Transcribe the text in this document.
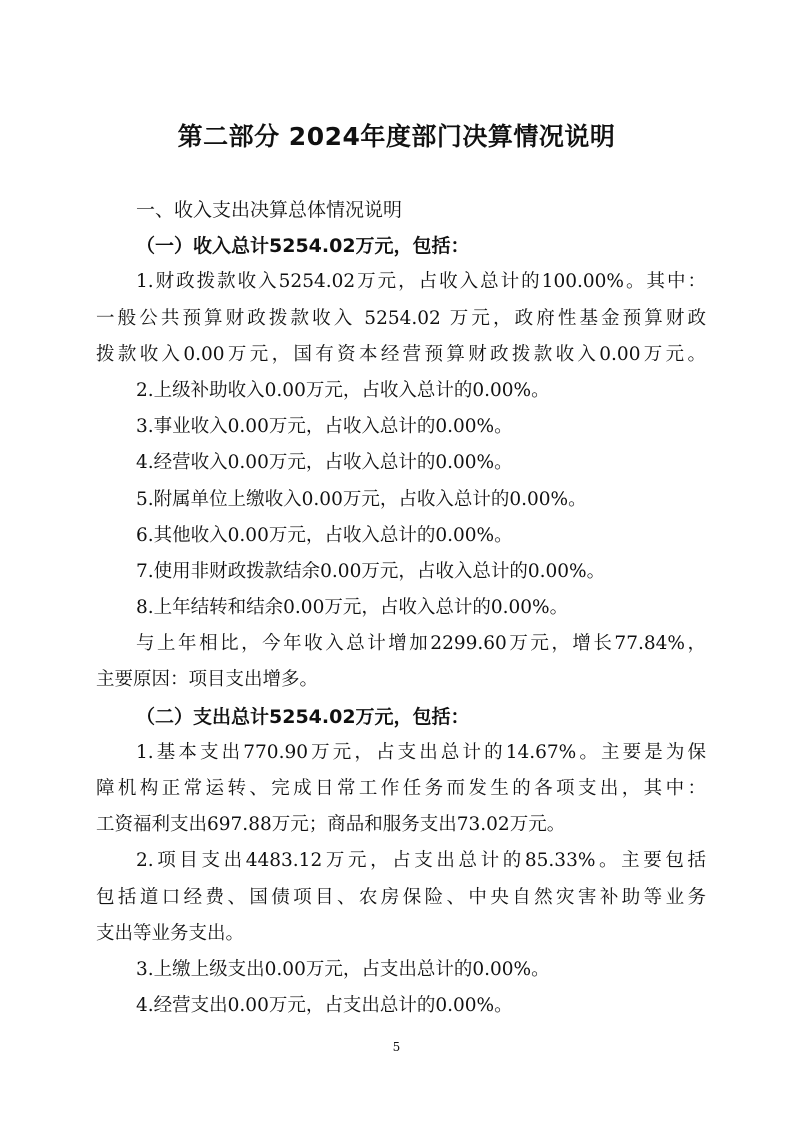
第二部分 2024年度部门决算情况说明
一、收入支出决算总体情况说明
（一）收入总计5254.02万元，包括：
1.财政拨款收入5254.02万元，占收入总计的100.00%。其中：
一般公共预算财政拨款收入 5254.02 万元，政府性基金预算财政
拨款收入0.00万元，国有资本经营预算财政拨款收入0.00万元。
2.上级补助收入0.00万元，占收入总计的0.00%。
3.事业收入0.00万元，占收入总计的0.00%。
4.经营收入0.00万元，占收入总计的0.00%。
5.附属单位上缴收入0.00万元，占收入总计的0.00%。
6.其他收入0.00万元，占收入总计的0.00%。
7.使用非财政拨款结余0.00万元，占收入总计的0.00%。
8.上年结转和结余0.00万元，占收入总计的0.00%。
与上年相比，今年收入总计增加2299.60万元，增长77.84%，
主要原因：项目支出增多。
（二）支出总计5254.02万元，包括：
1.基本支出770.90万元，占支出总计的14.67%。主要是为保
障机构正常运转、完成日常工作任务而发生的各项支出，其中：
工资福利支出697.88万元；商品和服务支出73.02万元。
2.项目支出4483.12万元，占支出总计的85.33%。主要包括
包括道口经费、国债项目、农房保险、中央自然灾害补助等业务
支出等业务支出。
3.上缴上级支出0.00万元，占支出总计的0.00%。
4.经营支出0.00万元，占支出总计的0.00%。
5
